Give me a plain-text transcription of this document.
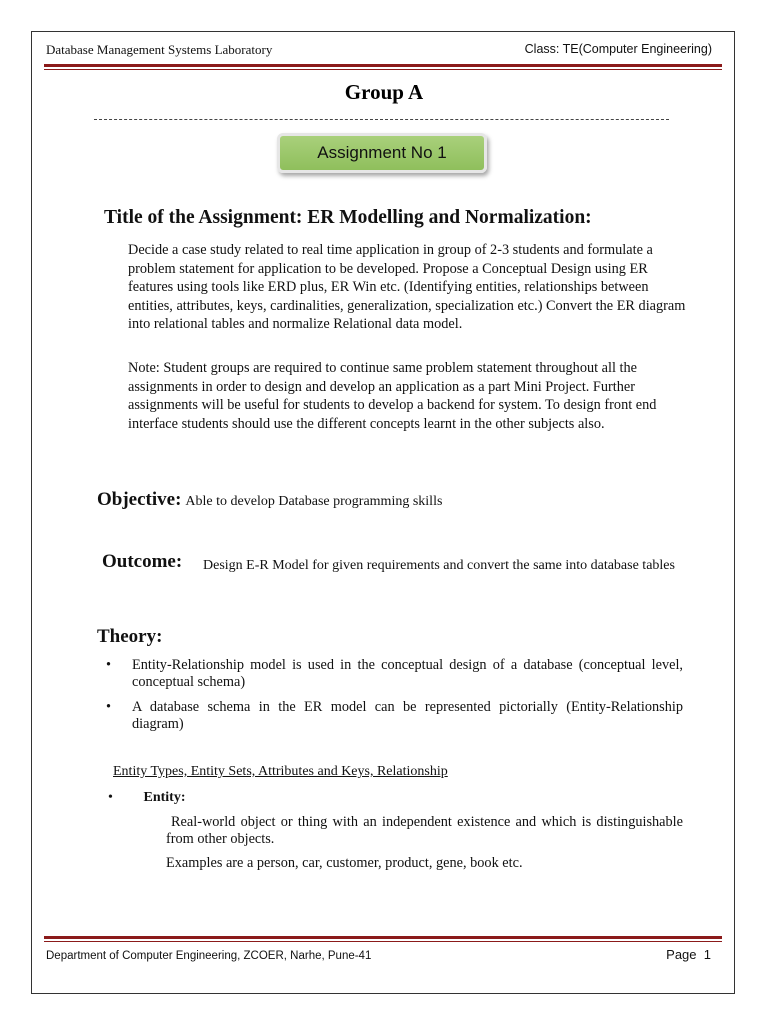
Database Management Systems Laboratory	Class: TE(Computer Engineering)
Group A
Assignment No 1
Title of the Assignment: ER Modelling and Normalization:
Decide a case study related to real time application in group of 2-3 students and formulate a problem statement for application to be developed. Propose a Conceptual Design using ER features using tools like ERD plus, ER Win etc. (Identifying entities, relationships between entities, attributes, keys, cardinalities, generalization, specialization etc.) Convert the ER diagram into relational tables and normalize Relational data model.
Note: Student groups are required to continue same problem statement throughout all the assignments in order to design and develop an application as a part Mini Project. Further assignments will be useful for students to develop a backend for system. To design front end interface students should use the different concepts learnt in the other subjects also.
Objective: Able to develop Database programming skills
Outcome: Design E-R Model for given requirements and convert the same into database tables
Theory:
•	Entity-Relationship model is used in the conceptual design of a database (conceptual level, conceptual schema)
•	A database schema in the ER model can be represented pictorially (Entity-Relationship diagram)
Entity Types, Entity Sets, Attributes and Keys, Relationship
• Entity:
Real-world object or thing with an independent existence and which is distinguishable from other objects.
Examples are a person, car, customer, product, gene, book etc.
Department of Computer Engineering, ZCOER, Narhe, Pune-41	Page 1
